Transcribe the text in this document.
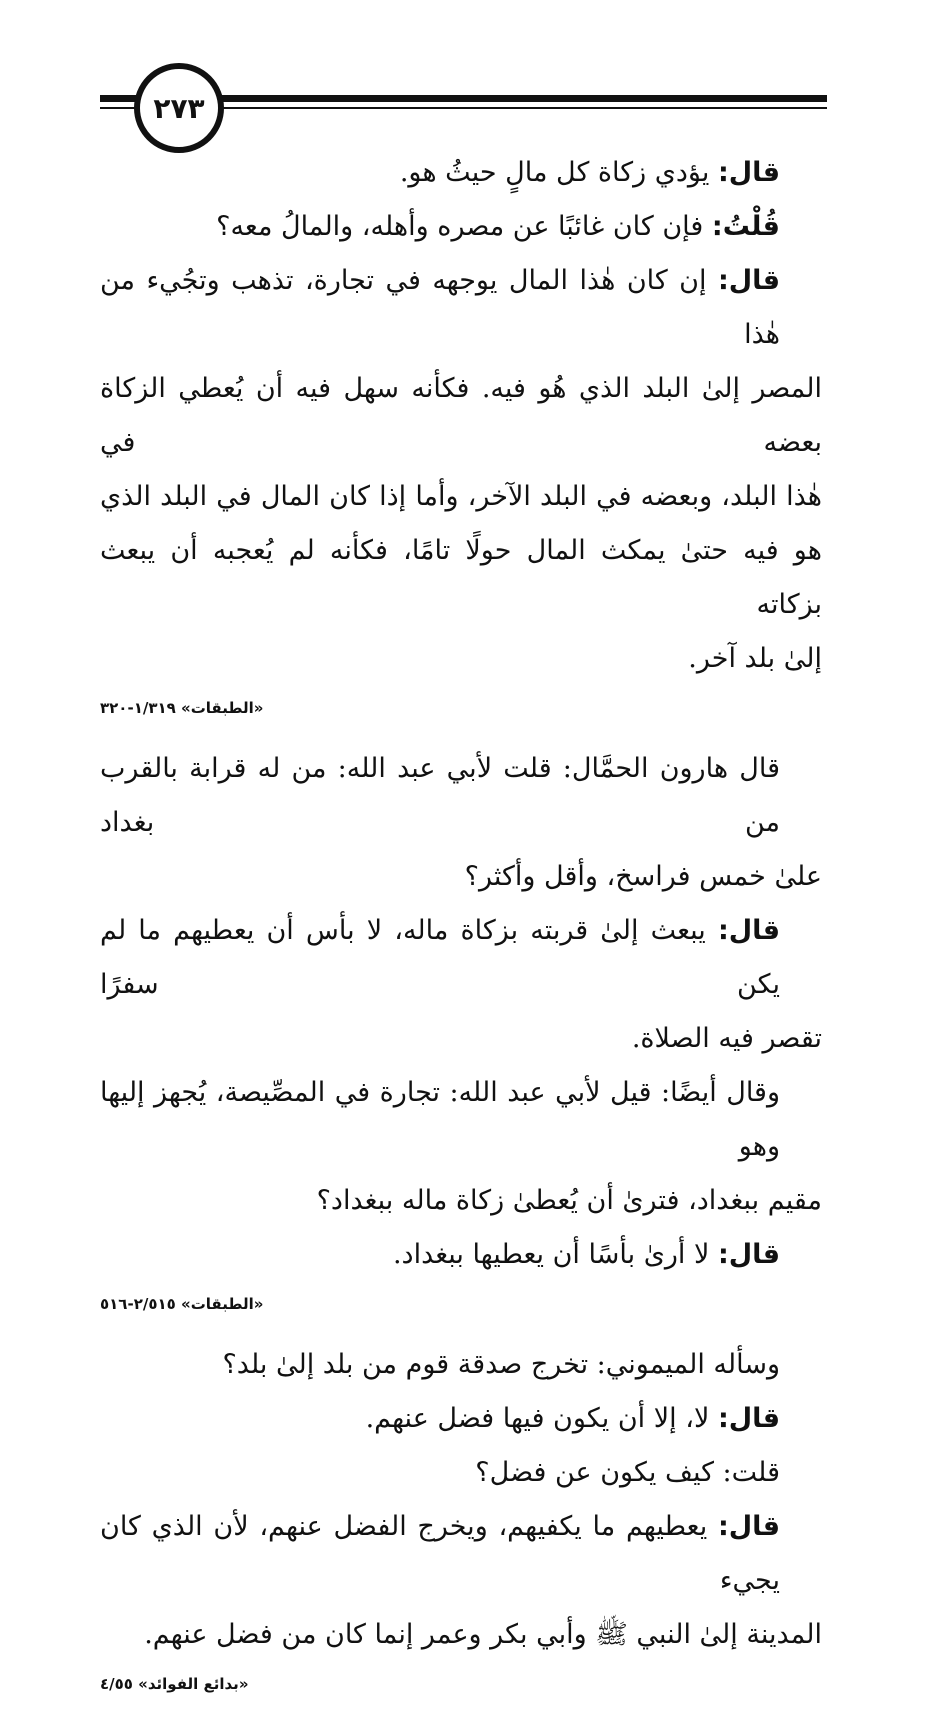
٢٧٣
قال: يؤدي زكاة كل مالٍ حيثُ هو.
قُلْتُ: فإن كان غائبًا عن مصره وأهله، والمالُ معه؟
قال: إن كان هٰذا المال يوجهه في تجارة، تذهب وتجُيء من هٰذا
المصر إلىٰ البلد الذي هُو فيه. فكأنه سهل فيه أن يُعطي الزكاة بعضه في
هٰذا البلد، وبعضه في البلد الآخر، وأما إذا كان المال في البلد الذي
هو فيه حتىٰ يمكث المال حولًا تامًا، فكأنه لم يُعجبه أن يبعث بزكاته
إلىٰ بلد آخر.
«الطبقات» ١/٣١٩-٣٢٠
قال هارون الحمَّال: قلت لأبي عبد الله: من له قرابة بالقرب من بغداد
علىٰ خمس فراسخ، وأقل وأكثر؟
قال: يبعث إلىٰ قربته بزكاة ماله، لا بأس أن يعطيهم ما لم يكن سفرًا
تقصر فيه الصلاة.
وقال أيضًا: قيل لأبي عبد الله: تجارة في المصِّيصة، يُجهز إليها وهو
مقيم ببغداد، فترىٰ أن يُعطىٰ زكاة ماله ببغداد؟
قال: لا أرىٰ بأسًا أن يعطيها ببغداد.
«الطبقات» ٢/٥١٥-٥١٦
وسأله الميموني: تخرج صدقة قوم من بلد إلىٰ بلد؟
قال: لا، إلا أن يكون فيها فضل عنهم.
قلت: كيف يكون عن فضل؟
قال: يعطيهم ما يكفيهم، ويخرج الفضل عنهم، لأن الذي كان يجيء
المدينة إلىٰ النبي ﷺ وأبي بكر وعمر إنما كان من فضل عنهم.
«بدائع الفوائد» ٤/٥٥
